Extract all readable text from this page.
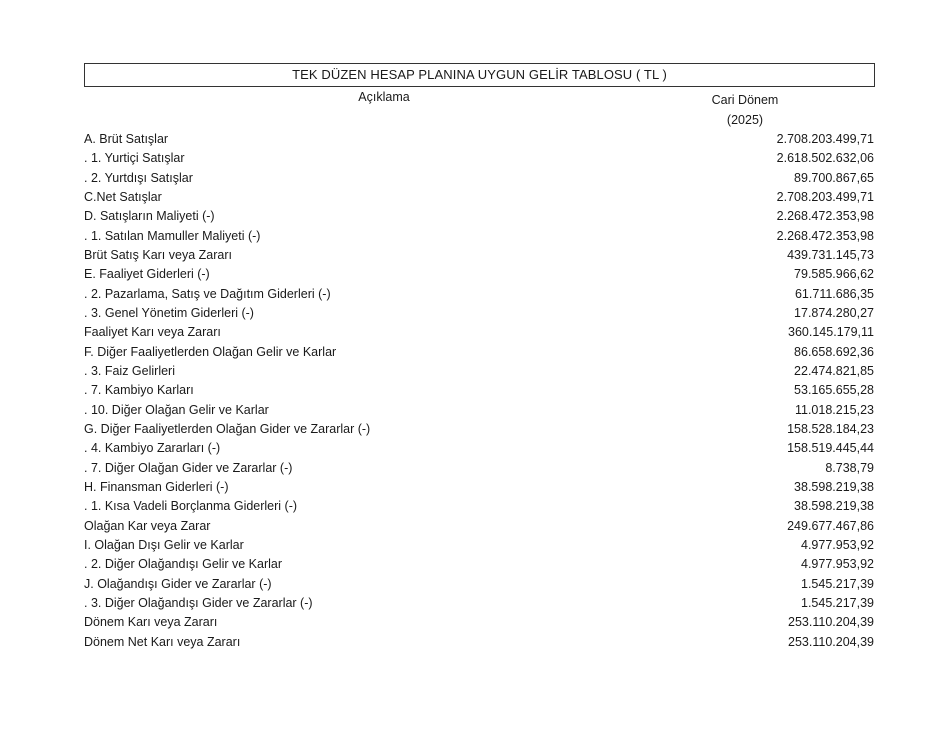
TEK DÜZEN HESAP PLANINA UYGUN GELİR TABLOSU ( TL )
Açıklama	Cari Dönem
(2025)
A. Brüt Satışlar	2.708.203.499,71
. 1. Yurtiçi Satışlar	2.618.502.632,06
. 2. Yurtdışı Satışlar	89.700.867,65
C.Net Satışlar	2.708.203.499,71
D. Satışların Maliyeti (-)	2.268.472.353,98
. 1. Satılan Mamuller Maliyeti (-)	2.268.472.353,98
Brüt Satış Karı veya Zararı	439.731.145,73
E. Faaliyet Giderleri (-)	79.585.966,62
. 2. Pazarlama, Satış ve Dağıtım Giderleri (-)	61.711.686,35
. 3. Genel Yönetim Giderleri (-)	17.874.280,27
Faaliyet Karı veya Zararı	360.145.179,11
F. Diğer Faaliyetlerden Olağan Gelir ve Karlar	86.658.692,36
. 3. Faiz Gelirleri	22.474.821,85
. 7. Kambiyo Karları	53.165.655,28
. 10. Diğer Olağan Gelir ve Karlar	11.018.215,23
G. Diğer Faaliyetlerden Olağan Gider ve Zararlar (-)	158.528.184,23
. 4. Kambiyo Zararları (-)	158.519.445,44
. 7. Diğer Olağan Gider ve Zararlar (-)	8.738,79
H. Finansman Giderleri (-)	38.598.219,38
. 1. Kısa Vadeli Borçlanma Giderleri (-)	38.598.219,38
Olağan Kar veya Zarar	249.677.467,86
I. Olağan Dışı Gelir ve Karlar	4.977.953,92
. 2. Diğer Olağandışı Gelir ve Karlar	4.977.953,92
J. Olağandışı Gider ve Zararlar (-)	1.545.217,39
. 3. Diğer Olağandışı Gider ve Zararlar (-)	1.545.217,39
Dönem Karı veya Zararı	253.110.204,39
Dönem Net Karı veya Zararı	253.110.204,39
